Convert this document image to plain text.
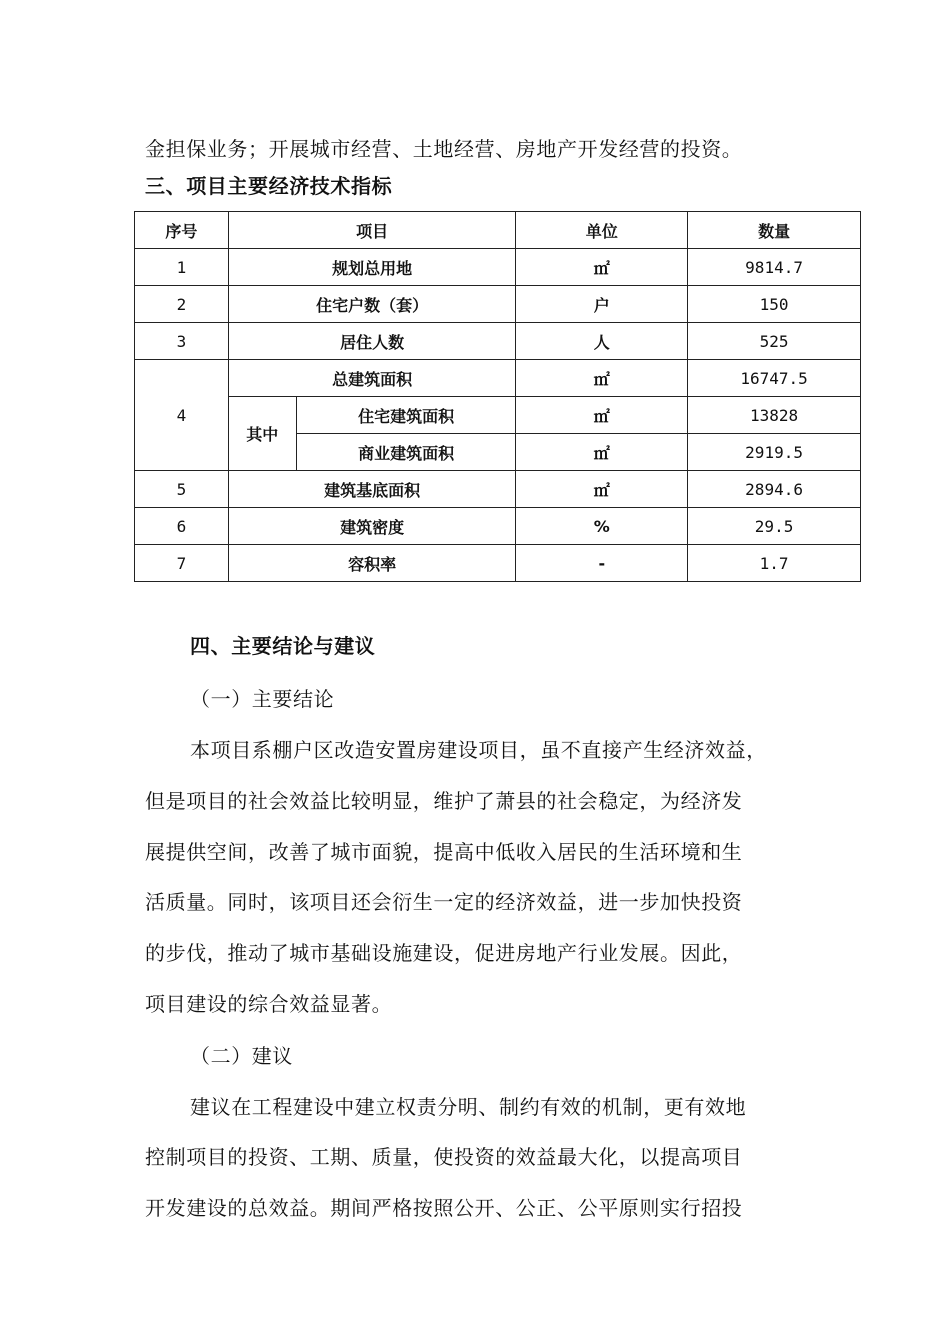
金担保业务；开展城市经营、土地经营、房地产开发经营的投资。
三、项目主要经济技术指标
序号	项目		单位	数量
1	规划总用地		㎡	9814.7
2	住宅户数（套）		户	150
3	居住人数		人	525
4	总建筑面积		㎡	16747.5
	其中	住宅建筑面积	㎡	13828
		商业建筑面积	㎡	2919.5
5	建筑基底面积		㎡	2894.6
6	建筑密度		%	29.5
7	容积率		-	1.7
四、主要结论与建议
（一）主要结论
本项目系棚户区改造安置房建设项目，虽不直接产生经济效益，
但是项目的社会效益比较明显，维护了萧县的社会稳定，为经济发
展提供空间，改善了城市面貌，提高中低收入居民的生活环境和生
活质量。同时，该项目还会衍生一定的经济效益，进一步加快投资
的步伐，推动了城市基础设施建设，促进房地产行业发展。因此，
项目建设的综合效益显著。
（二）建议
建议在工程建设中建立权责分明、制约有效的机制，更有效地
控制项目的投资、工期、质量，使投资的效益最大化，以提高项目
开发建设的总效益。期间严格按照公开、公正、公平原则实行招投
